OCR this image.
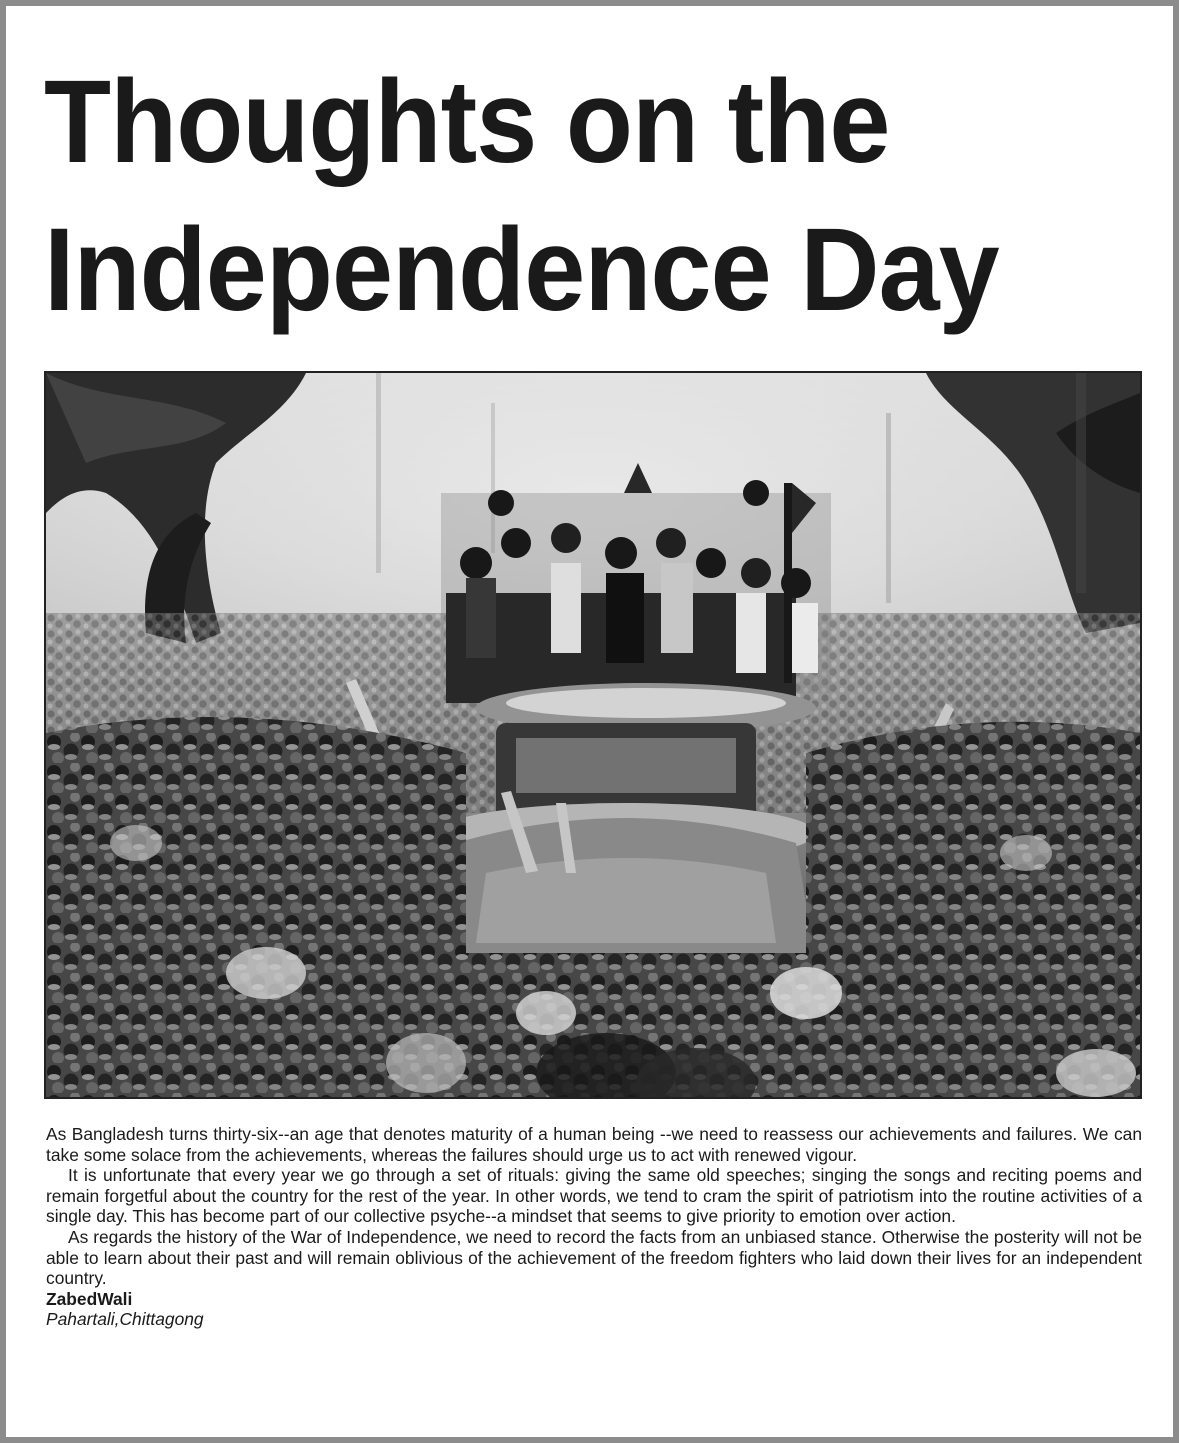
Thoughts on the
Independence Day

As Bangladesh turns thirty-six--an age that denotes maturity of a human being --we need to reassess our achievements and failures. We can take some solace from the achievements, whereas the failures should urge us to act with renewed vigour.

It is unfortunate that every year we go through a set of rituals: giving the same old speeches; singing the songs and reciting poems and remain forgetful about the country for the rest of the year. In other words, we tend to cram the spirit of patriotism into the routine activities of a single day. This has become part of our collective psyche--a mindset that seems to give priority to emotion over action.

As regards the history of the War of Independence, we need to record the facts from an unbiased stance. Otherwise the posterity will not be able to learn about their past and will remain oblivious of the achievement of the freedom fighters who laid down their lives for an independent country.

ZabedWali
Pahartali,Chittagong
